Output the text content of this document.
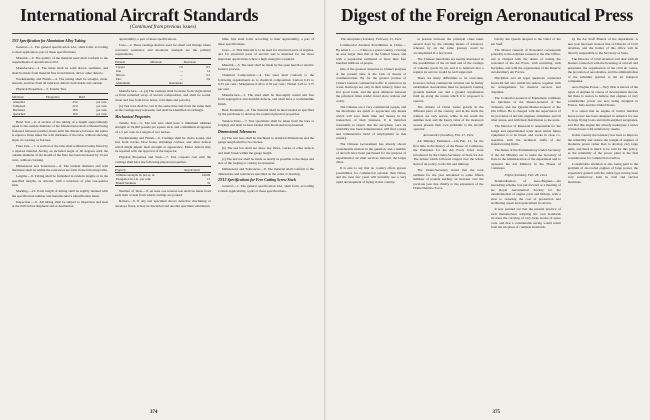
International Aircraft Standards
(Continued from previous issues)
2N2 Specification for Aluminium Alloy Tubing

General.—1. The general specification 2A1, shall form, according to their application, part of these specifications.

Material.—2. The quality of the material used shall conform to the requirements of specification 2N1.

Manufacture.—3. The tubes shall be solid drawn, seamless, and shall be made from material free from blisters, dirt or other defects.

Workmanship and Finish.—4. The tubing shall be straight, clean, smooth, and free from all injurious defects both inside and outside.

Physical Properties.—5. Tensile Test.

Minimum	Elongation	Yield
Annealed	25.0	per cent.
Tempered	22.0	per cent.
Hardened	18.0	per cent.
Quenched	16.0	per cent.

Bend Test.—6. A section of the tubing of a length approximately equal to the outside diameter of the finished tube shall withstand being flattened between parallel plates until the distance between the plates is equal to three times the wall thickness of the tube, without showing signs of cracking or fracture.

Flare Test.—7. A section of the tube shall withstand being flared by a tapered mandrel having an included angle of 60 degrees until the outside diameter at the mouth of the flare has been increased by 15 per cent., without cracking.

Dimensions and Tolerances.—8. The outside diameter and wall thickness shall be within the tolerances set forth in the following table.

Lengths.—9. Tubing shall be furnished in random lengths or in the specified lengths, as ordered, with a tolerance of plus one-quarter inch.

Marking.—10. Each length of tubing shall be legibly marked with the specification number and manufacturer's identification mark.

Inspection.—11. All tubing shall be subject to inspection and tests at the mill before shipment and at destination.

applicability, a part of these specifications.

Uses.—2. These castings shall be used for small cast fittings where corrosion resistance and moderate strength are the primary requirements.

Element	Minimum	Maximum
Copper	7.0	8.5
Iron	—	1.2
Silicon	—	0.5
Zinc	—	2.0
Aluminium	Remainder	

Manufacture.—4. (a) The castings shall be made from virgin metal or from remelted scrap of known composition, and shall be sound, clean and free from blow holes, cold shuts and porosity.

(b) Test bars shall be cast at the same time and from the same melt as the castings they represent, and shall be identified accordingly.

Mechanical Properties

Tensile Test.—5. The test bars shall have a minimum ultimate strength of 19,000 pounds per square inch, and a minimum elongation of 1.5 per cent. in a length of two inches.

Workmanship and Finish.—6. Castings shall be clean, sound, and free from cracks, blow holes, shrinkage cavities, and other defects which might impair their strength or appearance. Minor defects may be repaired with the approval of the inspector.

Physical Properties and Tests.—7. Test coupons cast with the castings shall have the following physical properties.

Property	Requirement
Ultimate strength, lb. per sq. in.	19,000
Elongation in 2 in., per cent.	1.5
Brinell hardness	55

Number of Tests.—8. At least one tension test shall be made from each melt or heat from which castings are poured.

Retests.—9. If any test specimen shows defective machining or develops flaws, it may be discarded and another specimen substituted.

limit, first shall form, according to their applicability, a part of these specifications.

Uses.—2. This material is to be used for structural parts of engines, and for structural parts of aircraft and is intended for the more important applications where a high strength is required.

Material.—3. The steel shall be made by the open hearth or electric furnace process.

Chemical Composition.—4. The steel shall conform to the following requirements as to chemical composition: Carbon 0.25 to 0.35 per cent.; Manganese 0.40 to 0.70 per cent.; Nickel 3.25 to 3.75 per cent.

Manufacture.—5. The steel shall be thoroughly sound and free from segregation and harmful defects, and shall have a workmanlike finish.

Heat Treatment.—6. The material shall be heat treated as specified by the purchaser to develop the required physical properties.

Tension Tests.—7. Test specimens shall be taken from the bars or forgings and shall be heat treated with the material represented.

Dimensional Tolerances

(a) The test bars shall be machined to standard dimensions and the gauge length shall be two inches.

(b) The test bar shall not show any flaws, cracks or other defects and shall break within the gauge length.

(c) The test bar shall be made as nearly as possible to the shape and size of the forging or casting it represents.

Dimensions and Tolerances.—8. The material shall conform to the dimensions and tolerances specified on the order or drawing.

2N12 Specifications for Free Cutting Screw Stock

General.—1. The general specification 2A1, shall form, according to their applicability, a part of these specifications.

374
Digest of the Foreign Aeronautical Press

The Aeroplane (London), February 25, 1924

Commercial Aviation Possibilities in China.—By Allen J. ——. China is a great country, covering an area larger than that of the United States, and with a population estimated at more than four hundred millions of people.

One of the greatest obstacles to China's progress at the present time is the lack of means of communication. By far the greater portion of China's internal commercial traffic is carried on by water. Railways are only in their infancy; there are few good roads, and the great distances between the principal cities render travel slow, tedious and costly.

The Chinese are a very commercial people, and the merchants are quick to appreciate any means which will save them time and money in the transaction of their business. It is therefore reasonable to expect that the aeroplane, once its reliability has been demonstrated, will find a large and remunerative field of employment in that country.

The Chinese Government has already shown considerable interest in the question, and a number of aircraft have been purchased for the purpose of experimental air mail services between the larger cities.

It is safe to say that no country offers greater possibilities for commercial aviation than China, and the next few years will probably see a very rapid development of flying in that country.

at present between the principal cities takes several days by the existing means of transport, whereas by air the same journey could be accomplished in a few hours.

The Chinese merchants are keenly interested in the possibilities of the air mail and of the carriage of valuable goods by air, and it is believed that a regular air service would be well supported.

There are many difficulties to be overcome, however, before commercial aviation can be firmly established. Aerodromes must be prepared, landing grounds marked out, and a ground organisation built up along the routes which it is proposed to operate.

The climate of China varies greatly in the different parts of the country, and in the north the winters are very severe, while in the south the summer heat and the heavy rains of the monsoon season present their own problems to the aircraft operator.

Aeronautics (London), Feb. 27, 1924

Air Ministry Estimates.—On Feb. 21, for the first time in the history of the House of Commons, the Estimates for the Air Force Votes were introduced by the Under-Secretary of State for Air. The debate which followed ranged over the whole field of air policy, both civil and military.

The Under-Secretary stated that the total estimate for the year amounted to some fifteen millions of pounds sterling, an increase over the previous year due chiefly to the expansion of the Home Defence Force.

briefly, the system adopted is the Chief of the Air Staff.

The Master General of Personnel corresponds generally to the Adjutant General at the War Office, and is charged with the duties of raising the personnel of the Air Force, with recruiting, with discipline, and with the organisation of the Reserve and Auxiliary Air Forces.

Discipline and all legal questions connected therewith fall also within his sphere, together with the arrangements for medical services and chaplains.

The Controller-General of Equipment combines the functions of the Master-General of the Ordnance and the Quarter-Master-General at the War Office. He is charged with the supervision of the provision of aircraft, engines, armament, and all other stores, and with their distribution to the units.

The Director of Research is responsible for the design and experimental work upon which future equipment is to be based, and works in close co-operation with the technical staffs of the manufacturing firms.

The duties of the Parliamentary Under-Secretary of the Air Ministry are to assist the Secretary of State in the administration of the department and to represent the Air Ministry in the House of Commons.

Flight (London), Feb. 28, 1924

Standardisation of Aero-Engines.—An interesting scheme was put forward at a meeting of the Royal Aeronautical Society for the standardisation of engine parts and fittings, with a view to reducing the cost of production and facilitating repair and replacement in service.

It was pointed out that the present practice of each manufacturer adopting his own standards involves the carrying of very large stocks of spare parts, and that a considerable saving would result from the adoption of common standards.

by the Air Staff Branch of the department. A new post has been created, that of Director of Civil Aviation, and the holder of this office will be directly responsible to the Secretary of State.

The Director of Civil Aviation will deal with all matters connected with the licensing of aircraft and personnel, the organisation of the civil air routes, the provision of aerodromes, and the administration of the subsidies granted to the air transport companies.

Aero Engine Power.—Very little is known of the types of engines in course of development abroad, but there is reason to believe that engines of very considerable power are now being designed in France, Italy and the United States.

It is stated that an engine of twelve hundred horse-power has been designed in America for use in large flying boats and multi-engined aeroplanes, and that this engine has already undergone a series of bench tests with satisfactory results.

In this country the tendency has been to improve the reliability and reduce the weight of engines of moderate power rather than to develop very large units, and there is much to be said for this policy, as the reliability of the power plant is the first consideration for commercial aviation.

Considerable attention is also being paid to the problem of air-cooled engines of large power, the experience gained with the radial type having been very satisfactory both in civil and service machines.

375
